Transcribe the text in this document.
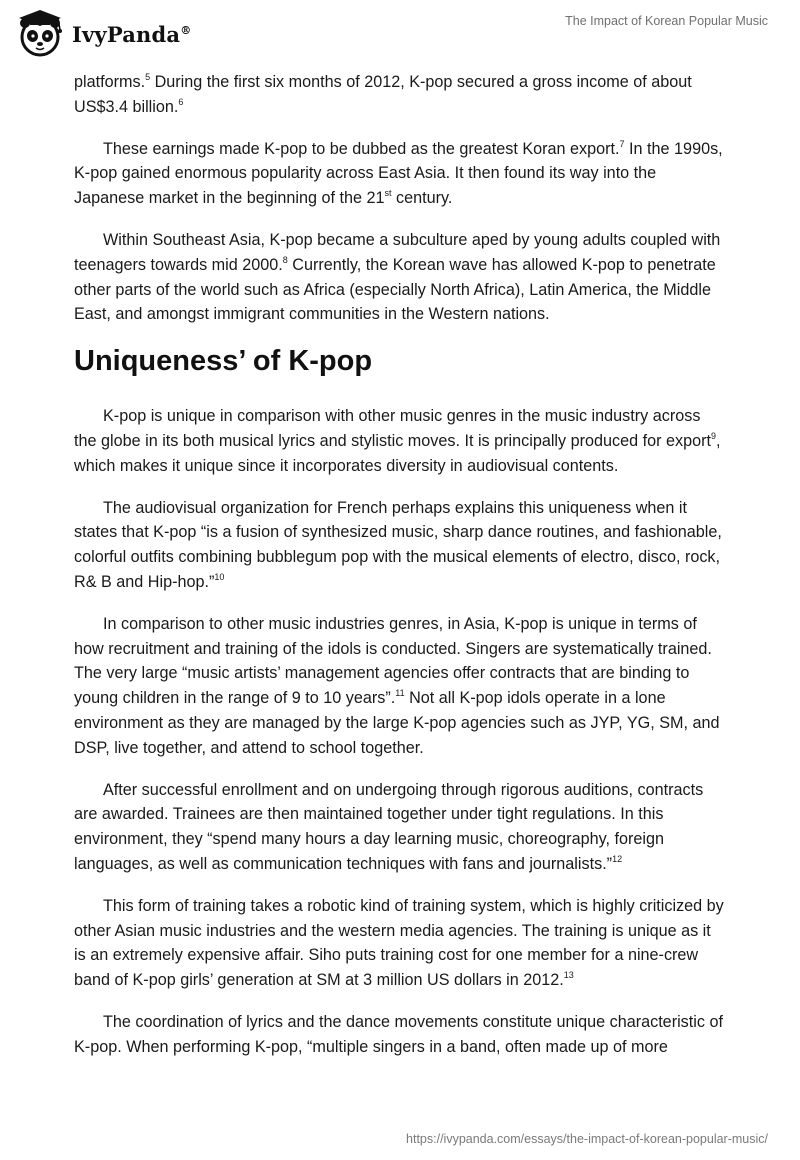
IvyPanda®
The Impact of Korean Popular Music

platforms.$^5$ During the first six months of 2012, K-pop secured a gross income of about US$3.4 billion.$^6$

These earnings made K-pop to be dubbed as the greatest Koran export.$^7$ In the 1990s, K-pop gained enormous popularity across East Asia. It then found its way into the Japanese market in the beginning of the 21st century.

Within Southeast Asia, K-pop became a subculture aped by young adults coupled with teenagers towards mid 2000.$^8$ Currently, the Korean wave has allowed K-pop to penetrate other parts of the world such as Africa (especially North Africa), Latin America, the Middle East, and amongst immigrant communities in the Western nations.

Uniqueness’ of K-pop

K-pop is unique in comparison with other music genres in the music industry across the globe in its both musical lyrics and stylistic moves. It is principally produced for export$^9$, which makes it unique since it incorporates diversity in audiovisual contents.

The audiovisual organization for French perhaps explains this uniqueness when it states that K-pop “is a fusion of synthesized music, sharp dance routines, and fashionable, colorful outfits combining bubblegum pop with the musical elements of electro, disco, rock, R& B and Hip-hop.”$^{10}$

In comparison to other music industries genres, in Asia, K-pop is unique in terms of how recruitment and training of the idols is conducted. Singers are systematically trained. The very large “music artists’ management agencies offer contracts that are binding to young children in the range of 9 to 10 years”.$^{11}$ Not all K-pop idols operate in a lone environment as they are managed by the large K-pop agencies such as JYP, YG, SM, and DSP, live together, and attend to school together.

After successful enrollment and on undergoing through rigorous auditions, contracts are awarded. Trainees are then maintained together under tight regulations. In this environment, they “spend many hours a day learning music, choreography, foreign languages, as well as communication techniques with fans and journalists.”$^{12}$

This form of training takes a robotic kind of training system, which is highly criticized by other Asian music industries and the western media agencies. The training is unique as it is an extremely expensive affair. Siho puts training cost for one member for a nine-crew band of K-pop girls’ generation at SM at 3 million US dollars in 2012.13

The coordination of lyrics and the dance movements constitute unique characteristic of K-pop. When performing K-pop, “multiple singers in a band, often made up of more

https://ivypanda.com/essays/the-impact-of-korean-popular-music/
